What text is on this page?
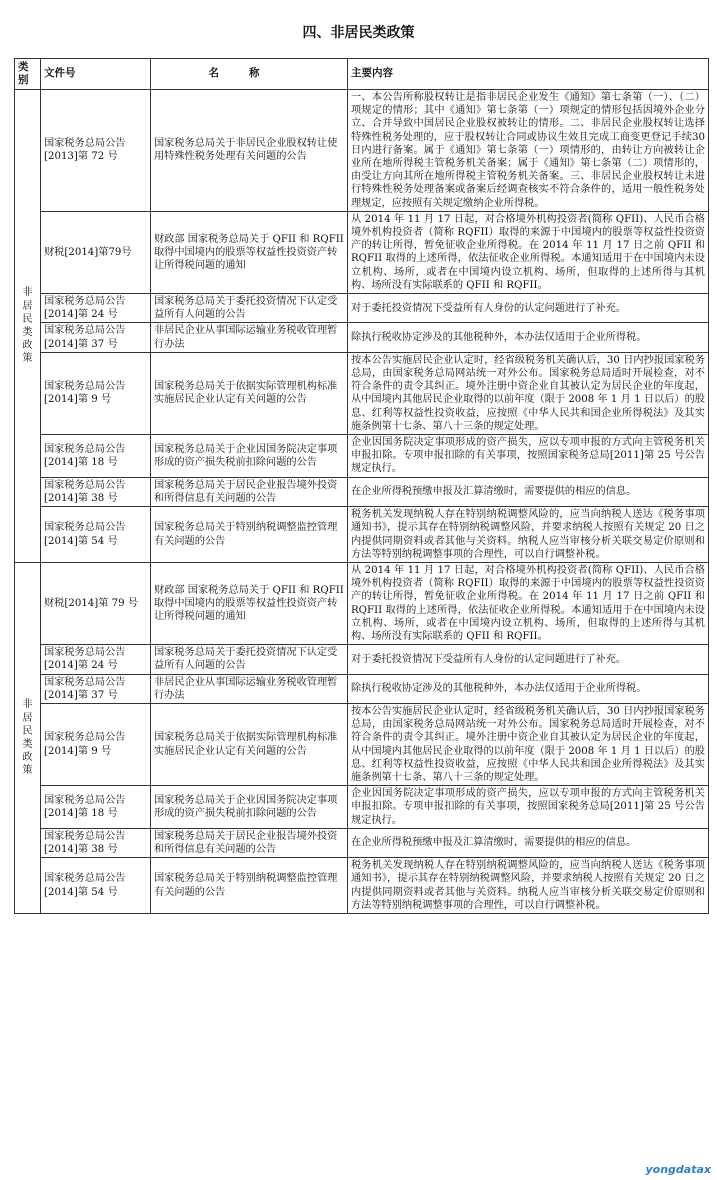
四、非居民类政策
类别	文件号	名称	主要内容

非居民类政策	国家税务总局公告[2013]第 72 号	国家税务总局关于非居民企业股权转让使用特殊性税务处理有关问题的公告	一、本公告所称股权转让是指非居民企业发生《通知》第七条第（一）、（二）项规定的情形；其中《通知》第七条第（一）项规定的情形包括因境外企业分立、合并导致中国居民企业股权被转让的情形。二、非居民企业股权转让选择特殊性税务处理的，应于股权转让合同或协议生效且完成工商变更登记手续30日内进行备案。属于《通知》第七条第（一）项情形的，由转让方向被转让企业所在地所得税主管税务机关备案；属于《通知》第七条第（二）项情形的，由受让方向其所在地所得税主管税务机关备案。三、非居民企业股权转让未进行特殊性税务处理备案或备案后经调查核实不符合条件的，适用一般性税务处理规定，应按照有关规定缴纳企业所得税。
	财税[2014]第79号	财政部 国家税务总局关于 QFII 和 RQFII 取得中国境内的股票等权益性投资资产转让所得税问题的通知	从 2014 年 11 月 17 日起，对合格境外机构投资者(简称 QFII)、人民币合格境外机构投资者（简称 RQFII）取得的来源于中国境内的股票等权益性投资资产的转让所得，暂免征收企业所得税。在 2014 年 11 月 17 日之前 QFII 和 RQFII 取得的上述所得，依法征收企业所得税。本通知适用于在中国境内未设立机构、场所，或者在中国境内设立机构、场所，但取得的上述所得与其机构、场所没有实际联系的 QFII 和 RQFII。
	国家税务总局公告[2014]第 24 号	国家税务总局关于委托投资情况下认定受益所有人问题的公告	对于委托投资情况下受益所有人身份的认定问题进行了补充。
	国家税务总局公告[2014]第 37 号	非居民企业从事国际运输业务税收管理暂行办法	除执行税收协定涉及的其他税种外，本办法仅适用于企业所得税。
	国家税务总局公告[2014]第 9 号	国家税务总局关于依据实际管理机构标准实施居民企业认定有关问题的公告	按本公告实施居民企业认定时，经省级税务机关确认后，30 日内抄报国家税务总局，由国家税务总局网站统一对外公布。国家税务总局适时开展检查，对不符合条件的责令其纠正。境外注册中资企业自其被认定为居民企业的年度起，从中国境内其他居民企业取得的以前年度（限于 2008 年 1 月 1 日以后）的股息、红利等权益性投资收益，应按照《中华人民共和国企业所得税法》及其实施条例第十七条、第八十三条的规定处理。
	国家税务总局公告[2014]第 18 号	国家税务总局关于企业因国务院决定事项形成的资产损失税前扣除问题的公告	企业因国务院决定事项形成的资产损失，应以专项申报的方式向主管税务机关申报扣除。专项申报扣除的有关事项，按照国家税务总局[2011]第 25 号公告规定执行。
	国家税务总局公告[2014]第 38 号	国家税务总局关于居民企业报告境外投资和所得信息有关问题的公告	在企业所得税预缴申报及汇算清缴时，需要提供的相应的信息。
	国家税务总局公告[2014]第 54 号	国家税务总局关于特别纳税调整监控管理有关问题的公告	税务机关发现纳税人存在特别纳税调整风险的，应当向纳税人送达《税务事项通知书》，提示其存在特别纳税调整风险，并要求纳税人按照有关规定 20 日之内提供同期资料或者其他与关资料。纳税人应当审核分析关联交易定价原则和方法等特别纳税调整事项的合理性，可以自行调整补税。

非居民类政策	财税[2014]第 79 号	财政部 国家税务总局关于 QFII 和 RQFII 取得中国境内的股票等权益性投资资产转让所得税问题的通知	从 2014 年 11 月 17 日起，对合格境外机构投资者(简称 QFII)、人民币合格境外机构投资者（简称 RQFII）取得的来源于中国境内的股票等权益性投资资产的转让所得，暂免征收企业所得税。在 2014 年 11 月 17 日之前 QFII 和 RQFII 取得的上述所得，依法征收企业所得税。本通知适用于在中国境内未设立机构、场所，或者在中国境内设立机构、场所，但取得的上述所得与其机构、场所没有实际联系的 QFII 和 RQFII。
	国家税务总局公告[2014]第 24 号	国家税务总局关于委托投资情况下认定受益所有人问题的公告	对于委托投资情况下受益所有人身份的认定问题进行了补充。
	国家税务总局公告[2014]第 37 号	非居民企业从事国际运输业务税收管理暂行办法	除执行税收协定涉及的其他税种外，本办法仅适用于企业所得税。
	国家税务总局公告[2014]第 9 号	国家税务总局关于依据实际管理机构标准实施居民企业认定有关问题的公告	按本公告实施居民企业认定时，经省级税务机关确认后，30 日内抄报国家税务总局，由国家税务总局网站统一对外公布。国家税务总局适时开展检查，对不符合条件的责令其纠正。境外注册中资企业自其被认定为居民企业的年度起，从中国境内其他居民企业取得的以前年度（限于 2008 年 1 月 1 日以后）的股息、红利等权益性投资收益，应按照《中华人民共和国企业所得税法》及其实施条例第十七条、第八十三条的规定处理。
	国家税务总局公告[2014]第 18 号	国家税务总局关于企业因国务院决定事项形成的资产损失税前扣除问题的公告	企业因国务院决定事项形成的资产损失，应以专项申报的方式向主管税务机关申报扣除。专项申报扣除的有关事项，按照国家税务总局[2011]第 25 号公告规定执行。
	国家税务总局公告[2014]第 38 号	国家税务总局关于居民企业报告境外投资和所得信息有关问题的公告	在企业所得税预缴申报及汇算清缴时，需要提供的相应的信息。
	国家税务总局公告[2014]第 54 号	国家税务总局关于特别纳税调整监控管理有关问题的公告	税务机关发现纳税人存在特别纳税调整风险的，应当向纳税人送达《税务事项通知书》，提示其存在特别纳税调整风险，并要求纳税人按照有关规定 20 日之内提供同期资料或者其他与关资料。纳税人应当审核分析关联交易定价原则和方法等特别纳税调整事项的合理性，可以自行调整补税。
yongdatax
